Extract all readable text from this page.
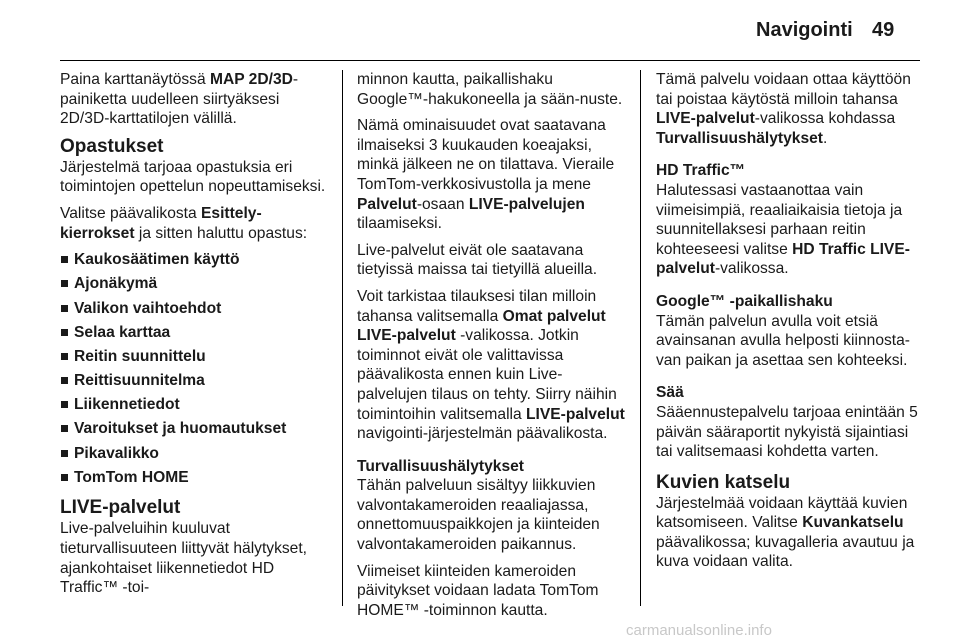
Navigointi 49

Paina karttanäytössä MAP 2D/3D-painiketta uudelleen siirtyäksesi 2D/3D-karttatilojen välillä.

Opastukset

Järjestelmä tarjoaa opastuksia eri toimintojen opettelun nopeuttamiseksi.

Valitse päävalikosta Esittely-kierrokset ja sitten haluttu opastus:

Kaukosäätimen käyttö
Ajonäkymä
Valikon vaihtoehdot
Selaa karttaa
Reitin suunnittelu
Reittisuunnitelma
Liikennetiedot
Varoitukset ja huomautukset
Pikavalikko
TomTom HOME
LIVE-palvelut

Live-palveluihin kuuluvat tieturvallisuuteen liittyvät hälytykset, ajankohtaiset liikennetiedot HD Traffic™ -toi-

minnon kautta, paikallishaku Google™-hakukoneella ja sään-nuste.

Nämä ominaisuudet ovat saatavana ilmaiseksi 3 kuukauden koeajaksi, minkä jälkeen ne on tilattava. Vieraile TomTom-verkkosivustolla ja mene Palvelut-osaan LIVE-palvelujen tilaamiseksi.

Live-palvelut eivät ole saatavana tietyissä maissa tai tietyillä alueilla.

Voit tarkistaa tilauksesi tilan milloin tahansa valitsemalla Omat palvelut LIVE-palvelut -valikossa. Jotkin toiminnot eivät ole valittavissa päävalikosta ennen kuin Live-palvelujen tilaus on tehty. Siirry näihin toimintoihin valitsemalla LIVE-palvelut navigointi-järjestelmän päävalikosta.

Turvallisuushälytykset

Tähän palveluun sisältyy liikkuvien valvontakameroiden reaaliajassa, onnettomuuspaikkojen ja kiinteiden valvontakameroiden paikannus.

Viimeiset kiinteiden kameroiden päivitykset voidaan ladata TomTom HOME™ -toiminnon kautta.

Tämä palvelu voidaan ottaa käyttöön tai poistaa käytöstä milloin tahansa LIVE-palvelut-valikossa kohdassa Turvallisuushälytykset.

HD Traffic™

Halutessasi vastaanottaa vain viimeisimpiä, reaaliaikaisia tietoja ja suunnitellaksesi parhaan reitin kohteeseesi valitse HD Traffic LIVE-palvelut-valikossa.

Google™ -paikallishaku

Tämän palvelun avulla voit etsiä avainsanan avulla helposti kiinnosta-van paikan ja asettaa sen kohteeksi.

Sää

Sääennustepalvelu tarjoaa enintään 5 päivän sääraportit nykyistä sijaintiasi tai valitsemaasi kohdetta varten.

Kuvien katselu

Järjestelmää voidaan käyttää kuvien katsomiseen. Valitse Kuvankatselu päävalikossa; kuvagalleria avautuu ja kuva voidaan valita.

carmanualsonline.info
